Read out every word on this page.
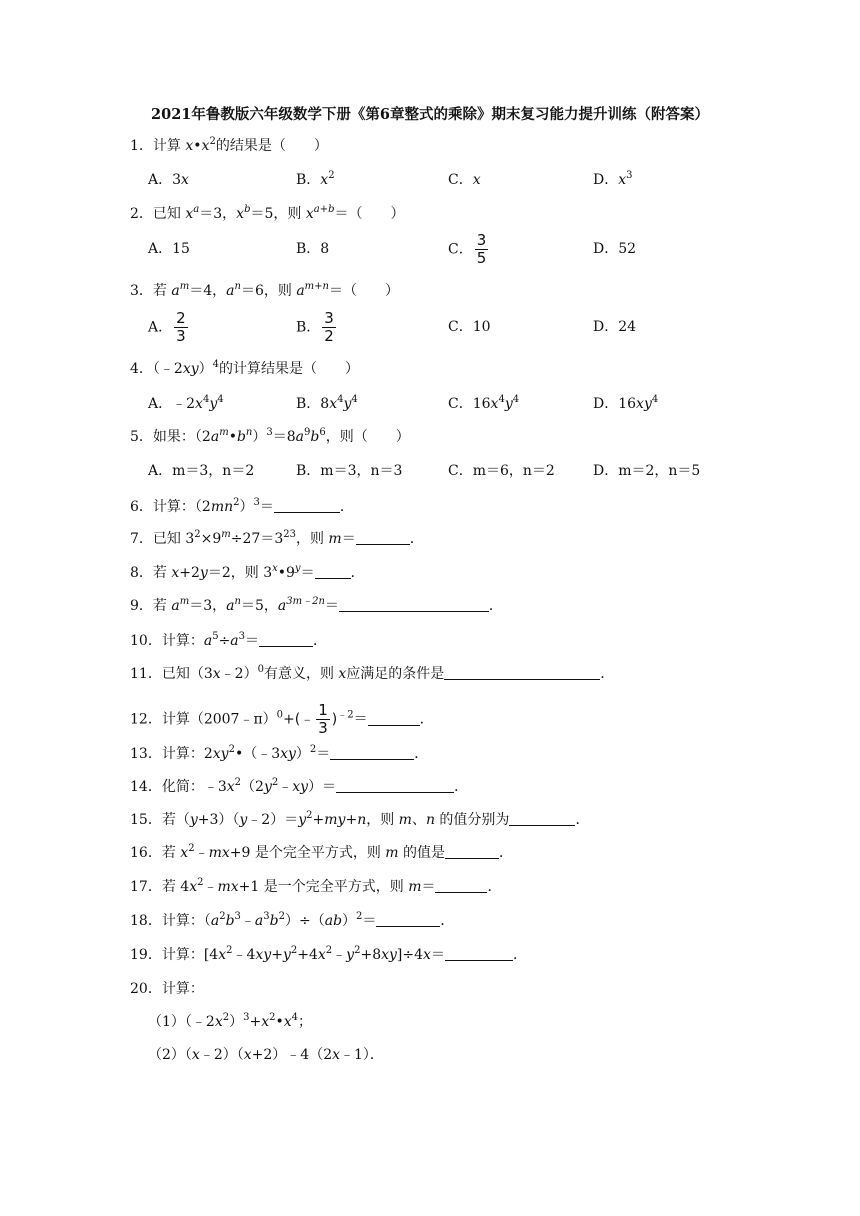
2021年鲁教版六年级数学下册《第6章整式的乘除》期末复习能力提升训练（附答案）
1．计算 $x•x^2$的结果是（　　）
A．3x	B．$x^2$	C．x	D．$x^3$
2．已知 $x^a=3$，$x^b=5$，则 $x^{a+b}=$（　　）
A．15	B．8	C． $\frac{3}{5}$	D．52
3．若 $a^m=4$，$a^n=6$，则 $a^{m+n}=$（　　）
A． $\frac{2}{3}$	B． $\frac{3}{2}$	C．10	D．24
4．（﹣2xy）$^4$的计算结果是（　　）
A．$﹣2x^4y^4$	B．$8x^4y^4$	C．$16x^4y^4$	D．$16xy^4$
5．如果：$(2a^m•b^n)^3=8a^9b^6$，则（　　）
A．m＝3，n＝2	B．m＝3，n＝3	C．m＝6，n＝2	D．m＝2，n＝5
6．计算：$(2mn^2)^3=$	．
7．已知 $3^2\times 9^m\div 27=3^{23}$，则 m＝	．
8．若 x+2y＝2，则 $3^x•9^y=$	．
9．若 $a^m=3$，$a^n=5$，$a^{3m﹣2n}=$	．
10．计算：$a^5\div a^3=$	．
11．已知（3x﹣2）$^0$有意义，则 x应满足的条件是	．
12．计算（2007﹣π）$^0$+(﹣ $\frac{1}{3} )^{﹣2}=$	．
13．计算：$2xy^2•(﹣3xy)^2=$	．
14．化简：$﹣3x^2(2y^2﹣xy)=$	．
15．若$(y+3)(y﹣2)=y^2+my+n$，则 m、n 的值分别为	．
16．若 $x^2﹣mx+9$ 是个完全平方式，则 m 的值是	．
17．若 $4x^2﹣mx+1$ 是一个完全平方式，则 m＝	．
18．计算：$(a^2b^3﹣a^3b^2)\div(ab)^2=$	．
19．计算：$[4x^2﹣4xy+y^2+4x^2﹣y^2+8xy]\div 4x=$	．
20．计算：
$(1)(﹣2x^2)^3+x^2•x^4$；
（2）（x﹣2）（x+2）﹣4（2x﹣1）．
